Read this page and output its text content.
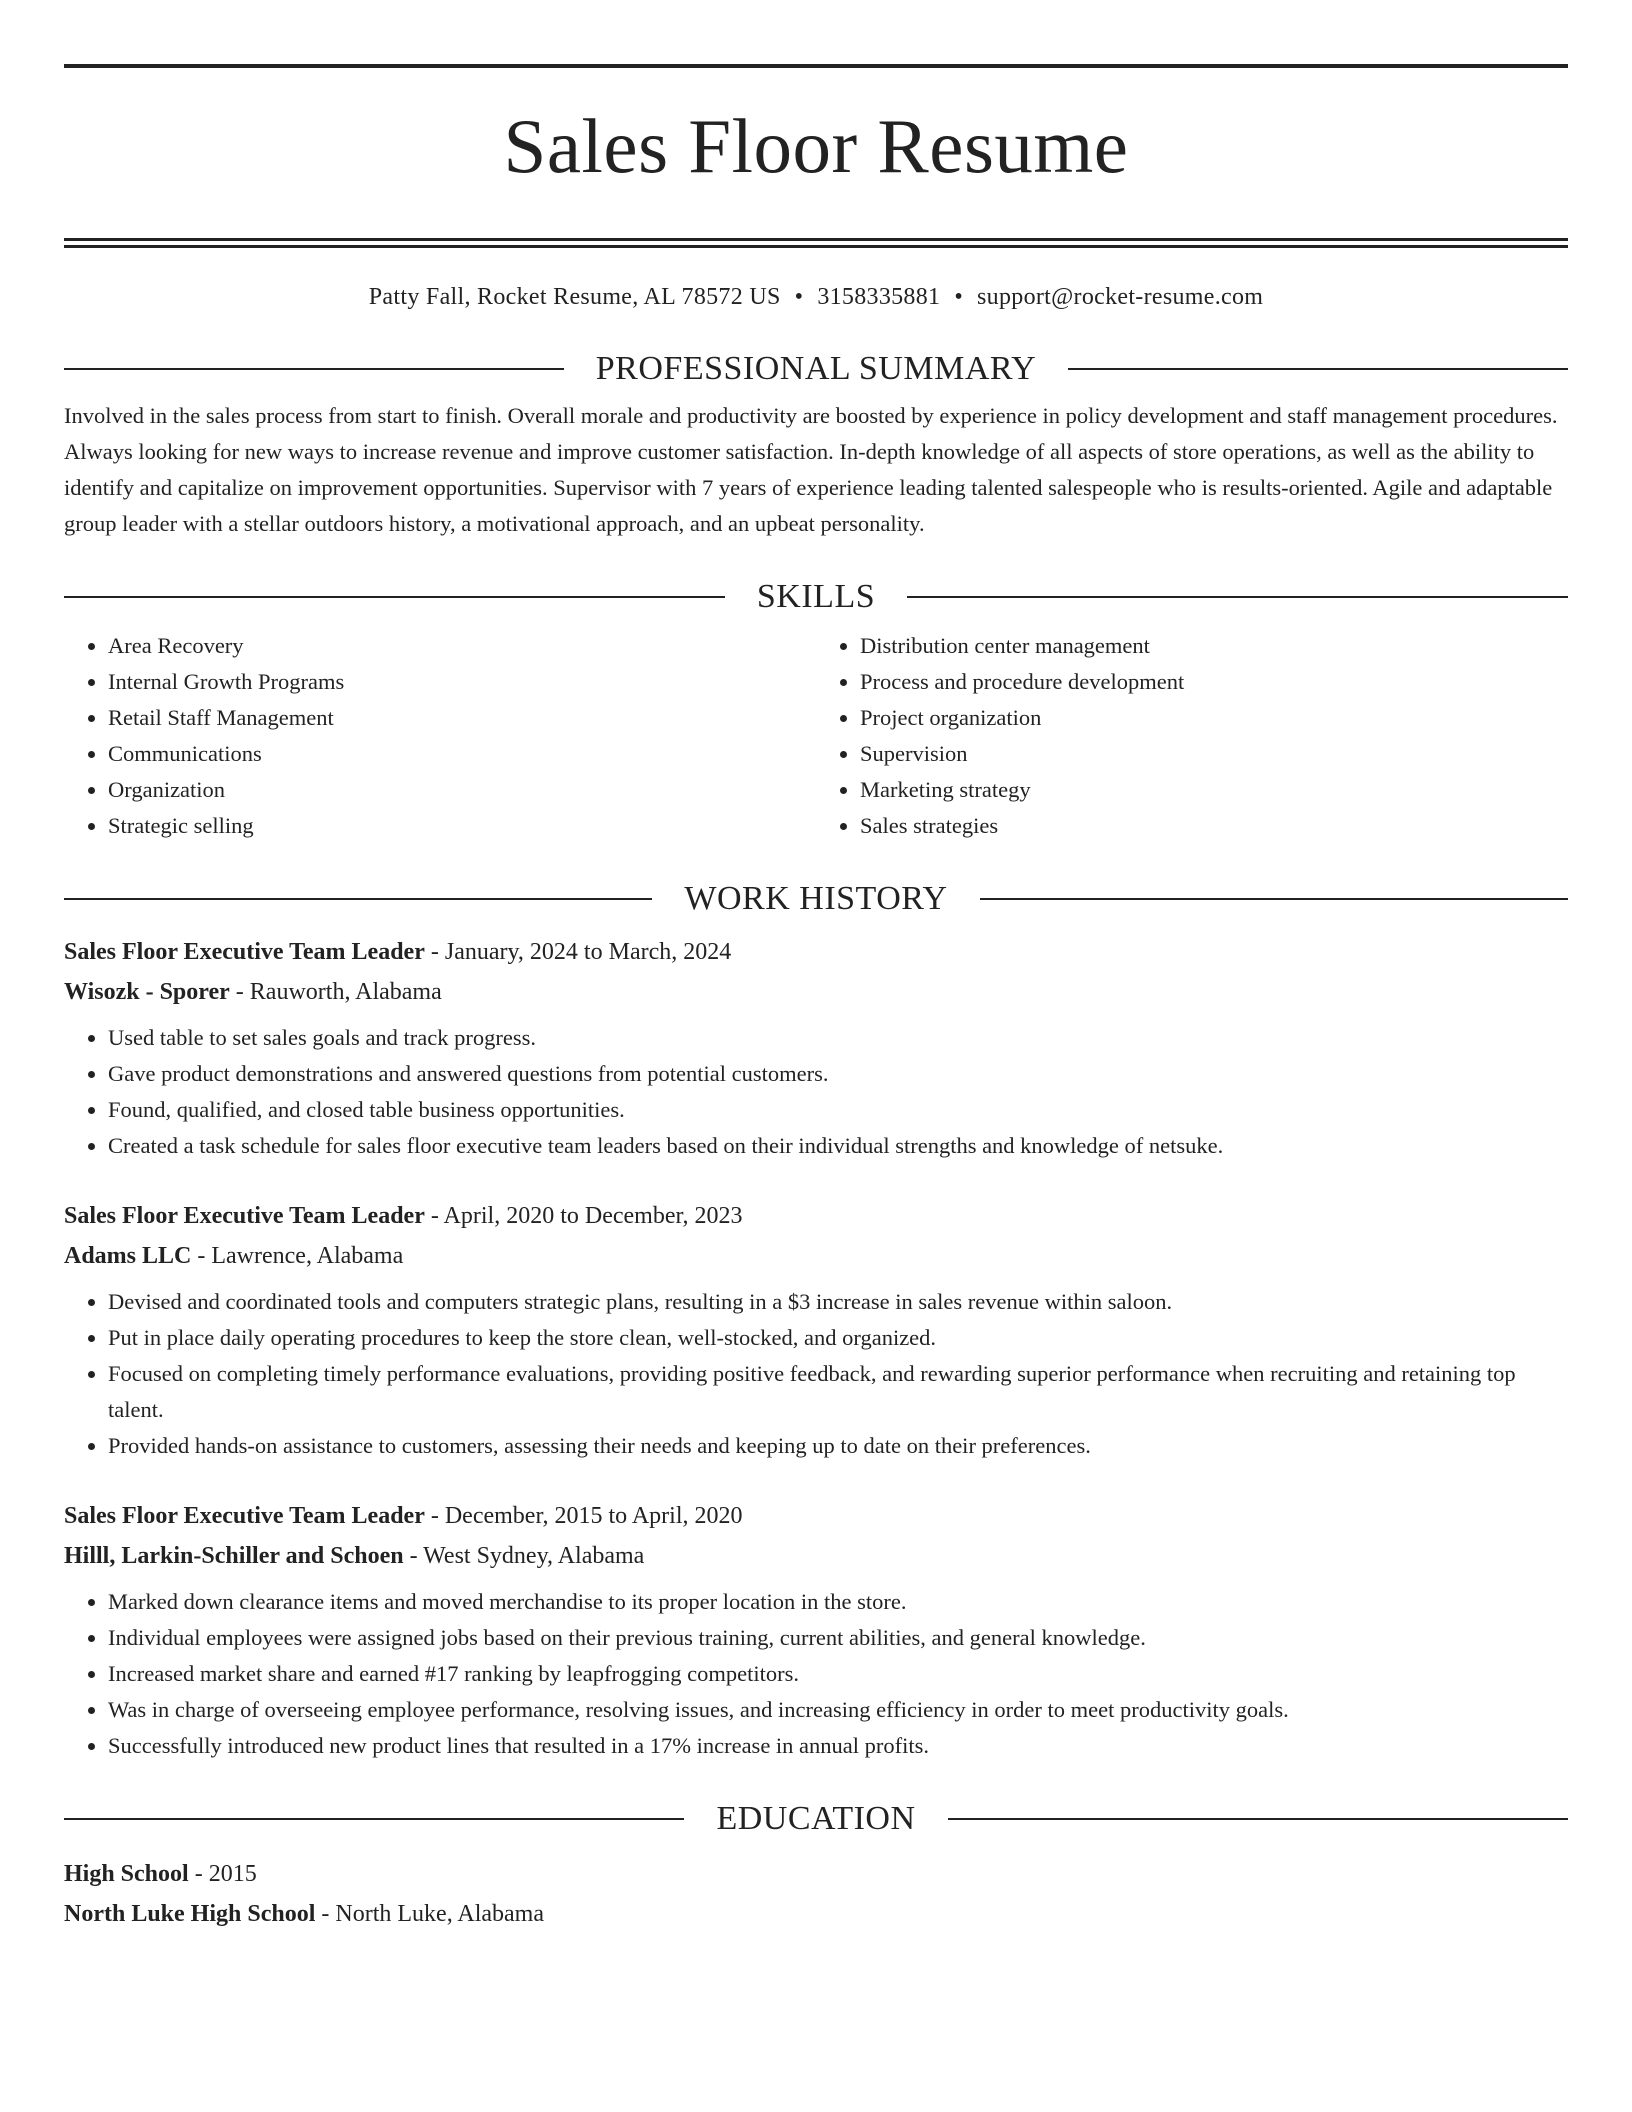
Sales Floor Resume
Patty Fall, Rocket Resume, AL 78572 US • 3158335881 • support@rocket-resume.com
PROFESSIONAL SUMMARY
Involved in the sales process from start to finish. Overall morale and productivity are boosted by experience in policy development and staff management procedures. Always looking for new ways to increase revenue and improve customer satisfaction. In-depth knowledge of all aspects of store operations, as well as the ability to identify and capitalize on improvement opportunities. Supervisor with 7 years of experience leading talented salespeople who is results-oriented. Agile and adaptable group leader with a stellar outdoors history, a motivational approach, and an upbeat personality.
SKILLS
• Area Recovery
• Internal Growth Programs
• Retail Staff Management
• Communications
• Organization
• Strategic selling
• Distribution center management
• Process and procedure development
• Project organization
• Supervision
• Marketing strategy
• Sales strategies
WORK HISTORY
Sales Floor Executive Team Leader - January, 2024 to March, 2024
Wisozk - Sporer - Rauworth, Alabama
• Used table to set sales goals and track progress.
• Gave product demonstrations and answered questions from potential customers.
• Found, qualified, and closed table business opportunities.
• Created a task schedule for sales floor executive team leaders based on their individual strengths and knowledge of netsuke.
Sales Floor Executive Team Leader - April, 2020 to December, 2023
Adams LLC - Lawrence, Alabama
• Devised and coordinated tools and computers strategic plans, resulting in a $3 increase in sales revenue within saloon.
• Put in place daily operating procedures to keep the store clean, well-stocked, and organized.
• Focused on completing timely performance evaluations, providing positive feedback, and rewarding superior performance when recruiting and retaining top talent.
• Provided hands-on assistance to customers, assessing their needs and keeping up to date on their preferences.
Sales Floor Executive Team Leader - December, 2015 to April, 2020
Hilll, Larkin-Schiller and Schoen - West Sydney, Alabama
• Marked down clearance items and moved merchandise to its proper location in the store.
• Individual employees were assigned jobs based on their previous training, current abilities, and general knowledge.
• Increased market share and earned #17 ranking by leapfrogging competitors.
• Was in charge of overseeing employee performance, resolving issues, and increasing efficiency in order to meet productivity goals.
• Successfully introduced new product lines that resulted in a 17% increase in annual profits.
EDUCATION
High School - 2015
North Luke High School - North Luke, Alabama
